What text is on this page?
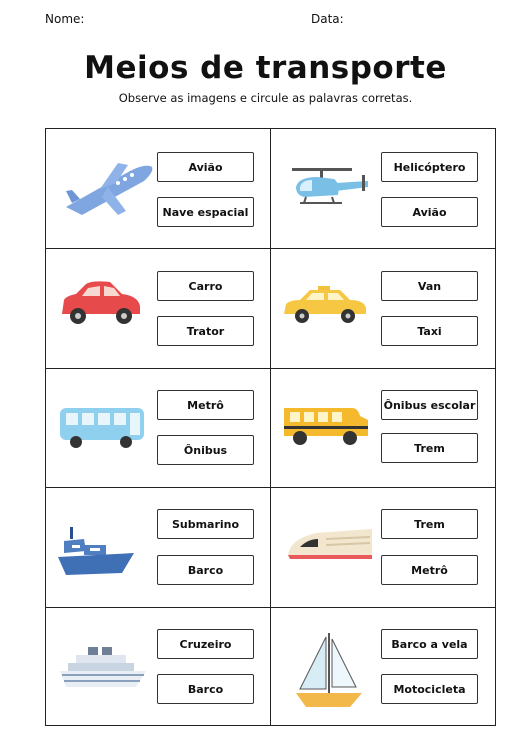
Nome:	Data:
Meios de transporte
Observe as imagens e circule as palavras corretas.
Avião
Nave espacial
Helicóptero
Avião
Carro
Trator
Van
Taxi
Metrô
Ônibus
Ônibus escolar
Trem
Submarino
Barco
Trem
Metrô
Cruzeiro
Barco
Barco a vela
Motocicleta
